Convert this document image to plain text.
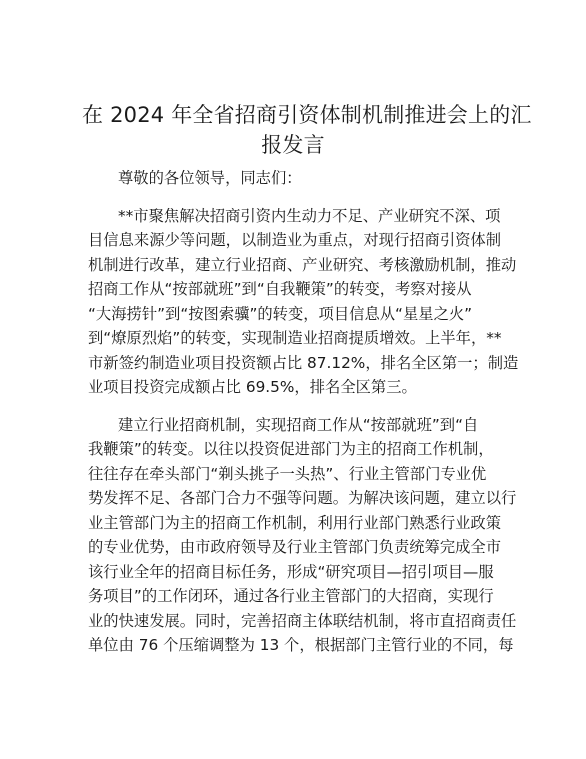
在 2024 年全省招商引资体制机制推进会上的汇
报发言

尊敬的各位领导，同志们：

**市聚焦解决招商引资内生动力不足、产业研究不深、项
目信息来源少等问题，以制造业为重点，对现行招商引资体制
机制进行改革，建立行业招商、产业研究、考核激励机制，推动
招商工作从“按部就班”到“自我鞭策”的转变，考察对接从
“大海捞针”到“按图索骥”的转变，项目信息从“星星之火”
到“燎原烈焰”的转变，实现制造业招商提质增效。上半年，**
市新签约制造业项目投资额占比 87.12%，排名全区第一；制造
业项目投资完成额占比 69.5%，排名全区第三。

建立行业招商机制，实现招商工作从“按部就班”到“自
我鞭策”的转变。以往以投资促进部门为主的招商工作机制，
往往存在牵头部门“剃头挑子一头热”、行业主管部门专业优
势发挥不足、各部门合力不强等问题。为解决该问题，建立以行
业主管部门为主的招商工作机制，利用行业部门熟悉行业政策
的专业优势，由市政府领导及行业主管部门负责统筹完成全市
该行业全年的招商目标任务，形成“研究项目—招引项目—服
务项目”的工作闭环，通过各行业主管部门的大招商，实现行
业的快速发展。同时，完善招商主体联结机制，将市直招商责任
单位由 76 个压缩调整为 13 个，根据部门主管行业的不同，每
